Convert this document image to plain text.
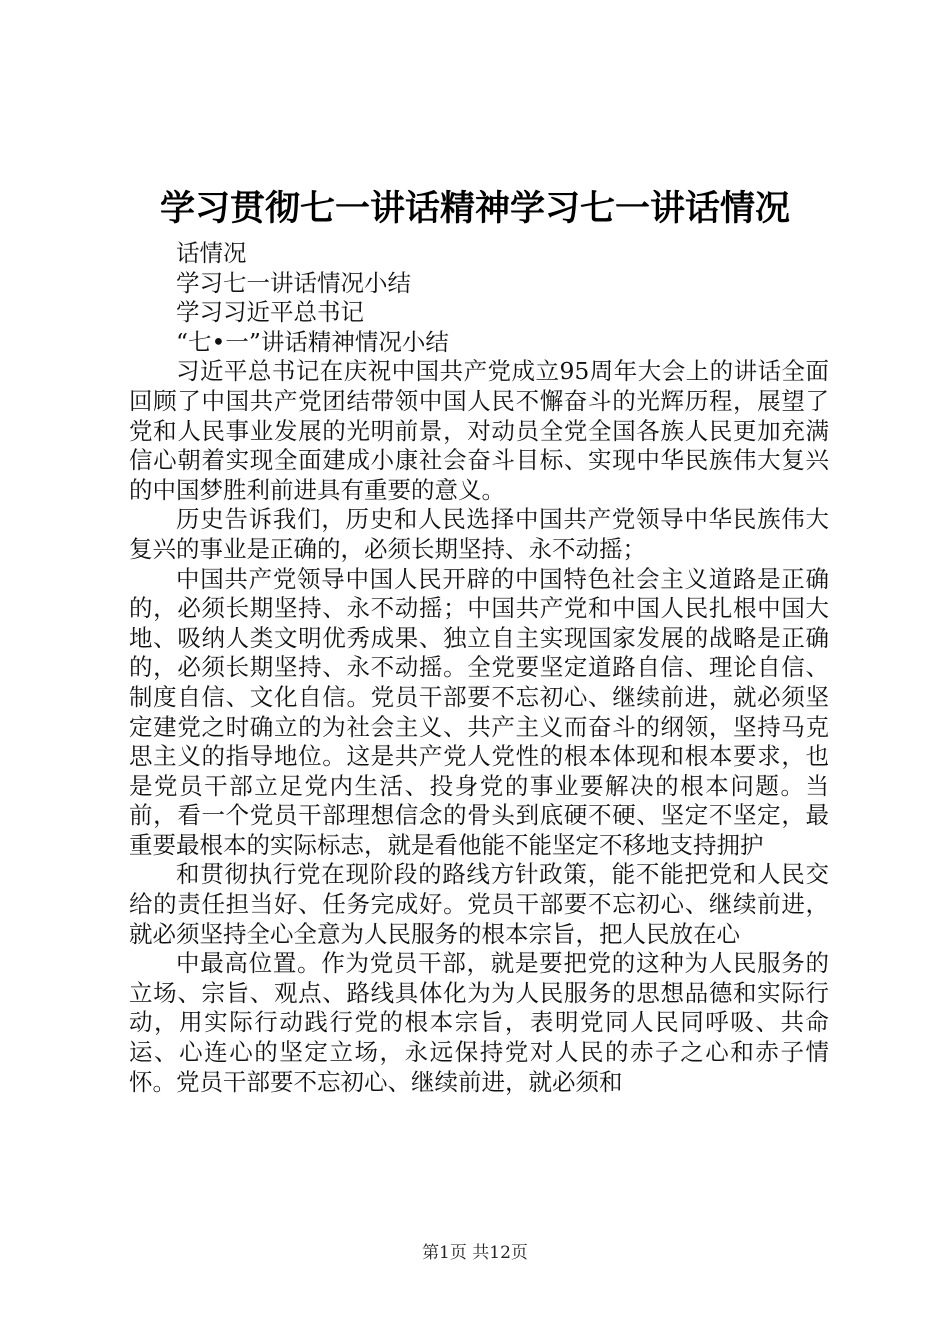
学习贯彻七一讲话精神学习七一讲话情况

话情况

学习七一讲话情况小结

学习习近平总书记

“七•一”讲话精神情况小结

习近平总书记在庆祝中国共产党成立95周年大会上的讲话全面回顾了中国共产党团结带领中国人民不懈奋斗的光辉历程，展望了党和人民事业发展的光明前景，对动员全党全国各族人民更加充满信心朝着实现全面建成小康社会奋斗目标、实现中华民族伟大复兴的中国梦胜利前进具有重要的意义。

历史告诉我们，历史和人民选择中国共产党领导中华民族伟大复兴的事业是正确的，必须长期坚持、永不动摇；

中国共产党领导中国人民开辟的中国特色社会主义道路是正确的，必须长期坚持、永不动摇；中国共产党和中国人民扎根中国大地、吸纳人类文明优秀成果、独立自主实现国家发展的战略是正确的，必须长期坚持、永不动摇。全党要坚定道路自信、理论自信、制度自信、文化自信。党员干部要不忘初心、继续前进，就必须坚定建党之时确立的为社会主义、共产主义而奋斗的纲领，坚持马克思主义的指导地位。这是共产党人党性的根本体现和根本要求，也是党员干部立足党内生活、投身党的事业要解决的根本问题。当前，看一个党员干部理想信念的骨头到底硬不硬、坚定不坚定，最重要最根本的实际标志，就是看他能不能坚定不移地支持拥护

和贯彻执行党在现阶段的路线方针政策，能不能把党和人民交给的责任担当好、任务完成好。党员干部要不忘初心、继续前进，就必须坚持全心全意为人民服务的根本宗旨，把人民放在心

中最高位置。作为党员干部，就是要把党的这种为人民服务的立场、宗旨、观点、路线具体化为为人民服务的思想品德和实际行动，用实际行动践行党的根本宗旨，表明党同人民同呼吸、共命运、心连心的坚定立场，永远保持党对人民的赤子之心和赤子情怀。党员干部要不忘初心、继续前进，就必须和

第1页 共12页
